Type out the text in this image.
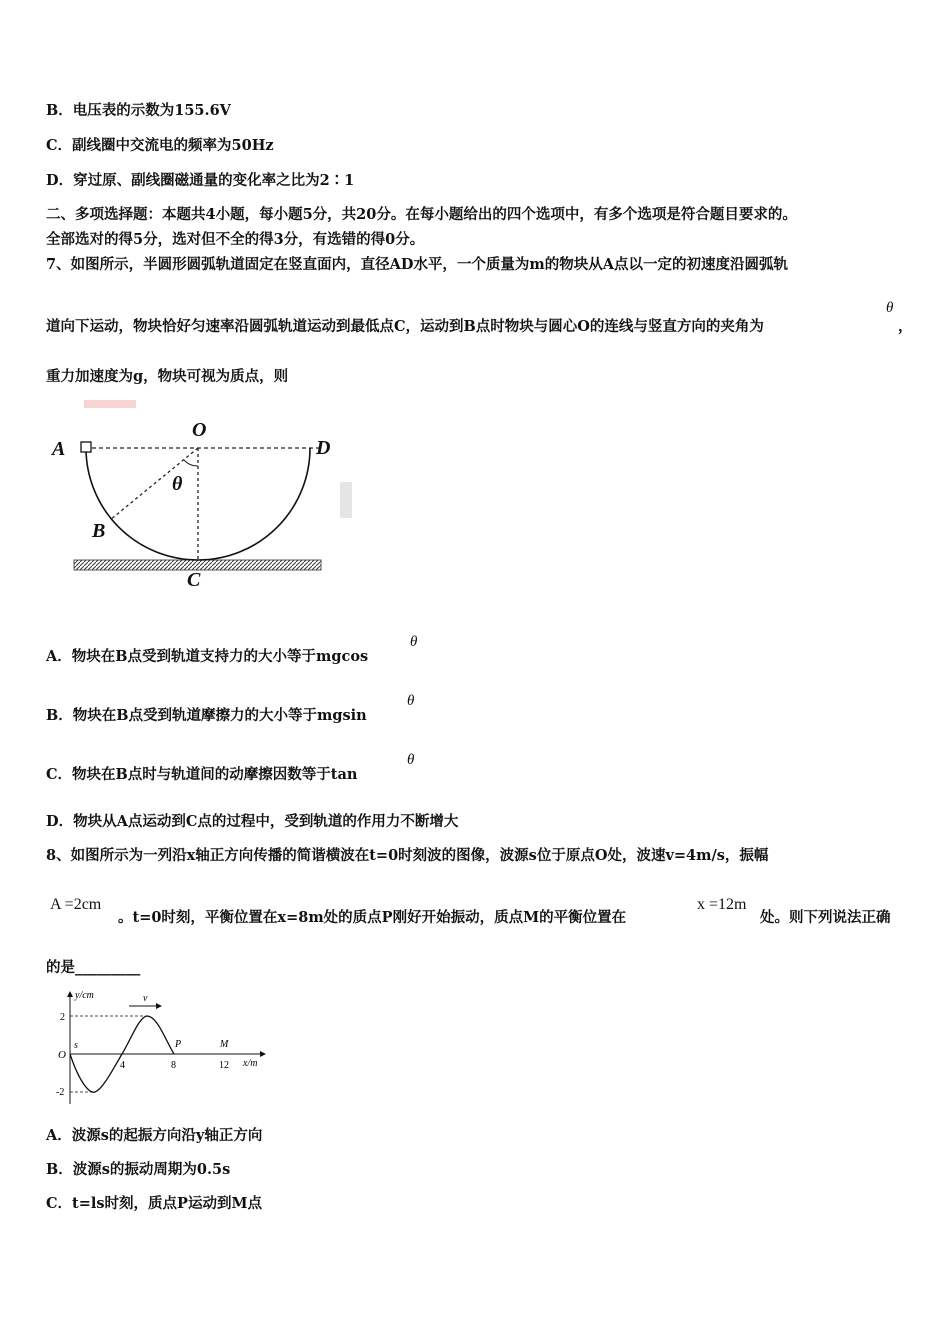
B．电压表的示数为155.6V
C．副线圈中交流电的频率为50Hz
D．穿过原、副线圈磁通量的变化率之比为2∶1
二、多项选择题：本题共4小题，每小题5分，共20分。在每小题给出的四个选项中，有多个选项是符合题目要求的。
全部选对的得5分，选对但不全的得3分，有选错的得0分。
7、如图所示，半圆形圆弧轨道固定在竖直面内，直径AD水平，一个质量为m的物块从A点以一定的初速度沿圆弧轨
道向下运动，物块恰好匀速率沿圆弧轨道运动到最低点C，运动到B点时物块与圆心O的连线与竖直方向的夹角为
θ
，
重力加速度为g，物块可视为质点，则
A
O
D
θ
B
C
A．物块在B点受到轨道支持力的大小等于mgcos
θ
B．物块在B点受到轨道摩擦力的大小等于mgsin
θ
C．物块在B点时与轨道间的动摩擦因数等于tan
θ
D．物块从A点运动到C点的过程中，受到轨道的作用力不断增大
8、如图所示为一列沿x轴正方向传播的简谐横波在t=0时刻波的图像，波源s位于原点O处，波速v=4m/s，振幅
A =2cm
。t=0时刻，平衡位置在x=8m处的质点P刚好开始振动，质点M的平衡位置在
x =12m
处。则下列说法正确
的是_________
v
y/cm
2
-2
O
s
4	8	12
P	M
x/m
A．波源s的起振方向沿y轴正方向
B．波源s的振动周期为0.5s
C．t=ls时刻，质点P运动到M点
